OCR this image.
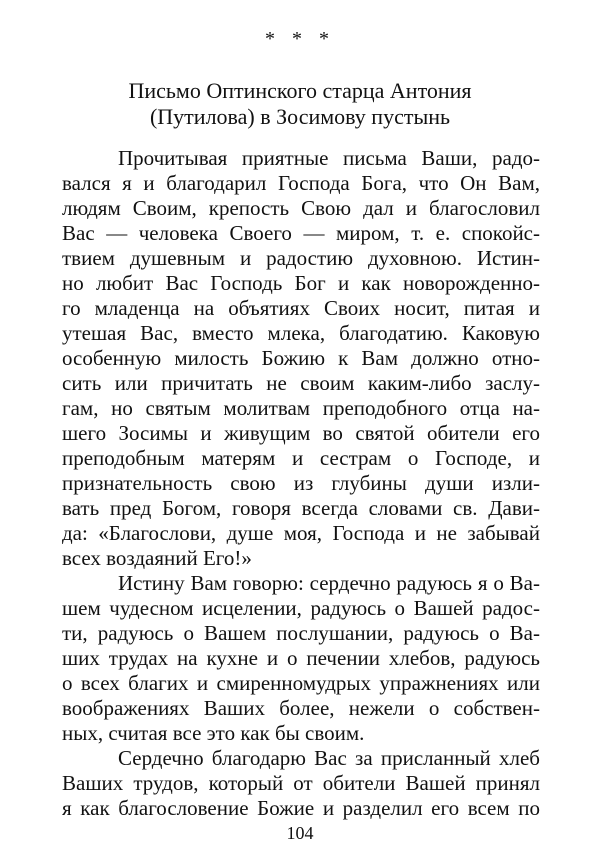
* * *
Письмо Оптинского старца Антония
(Путилова) в Зосимову пустынь
Прочитывая приятные письма Ваши, радо-
вался я и благодарил Господа Бога, что Он Вам,
людям Своим, крепость Свою дал и благословил
Вас — человека Своего — миром, т. е. спокойс-
твием душевным и радостию духовною. Истин-
но любит Вас Господь Бог и как новорожденно-
го младенца на объятиях Своих носит, питая и
утешая Вас, вместо млека, благодатию. Каковую
особенную милость Божию к Вам должно отно-
сить или причитать не своим каким-либо заслу-
гам, но святым молитвам преподобного отца на-
шего Зосимы и живущим во святой обители его
преподобным матерям и сестрам о Господе, и
признательность свою из глубины души изли-
вать пред Богом, говоря всегда словами св. Дави-
да: «Благослови, душе моя, Господа и не забывай
всех воздаяний Его!»
Истину Вам говорю: сердечно радуюсь я о Ва-
шем чудесном исцелении, радуюсь о Вашей радос-
ти, радуюсь о Вашем послушании, радуюсь о Ва-
ших трудах на кухне и о печении хлебов, радуюсь
о всех благих и смиренномудрых упражнениях или
воображениях Ваших более, нежели о собствен-
ных, считая все это как бы своим.
Сердечно благодарю Вас за присланный хлеб
Ваших трудов, который от обители Вашей принял
я как благословение Божие и разделил его всем по
104
